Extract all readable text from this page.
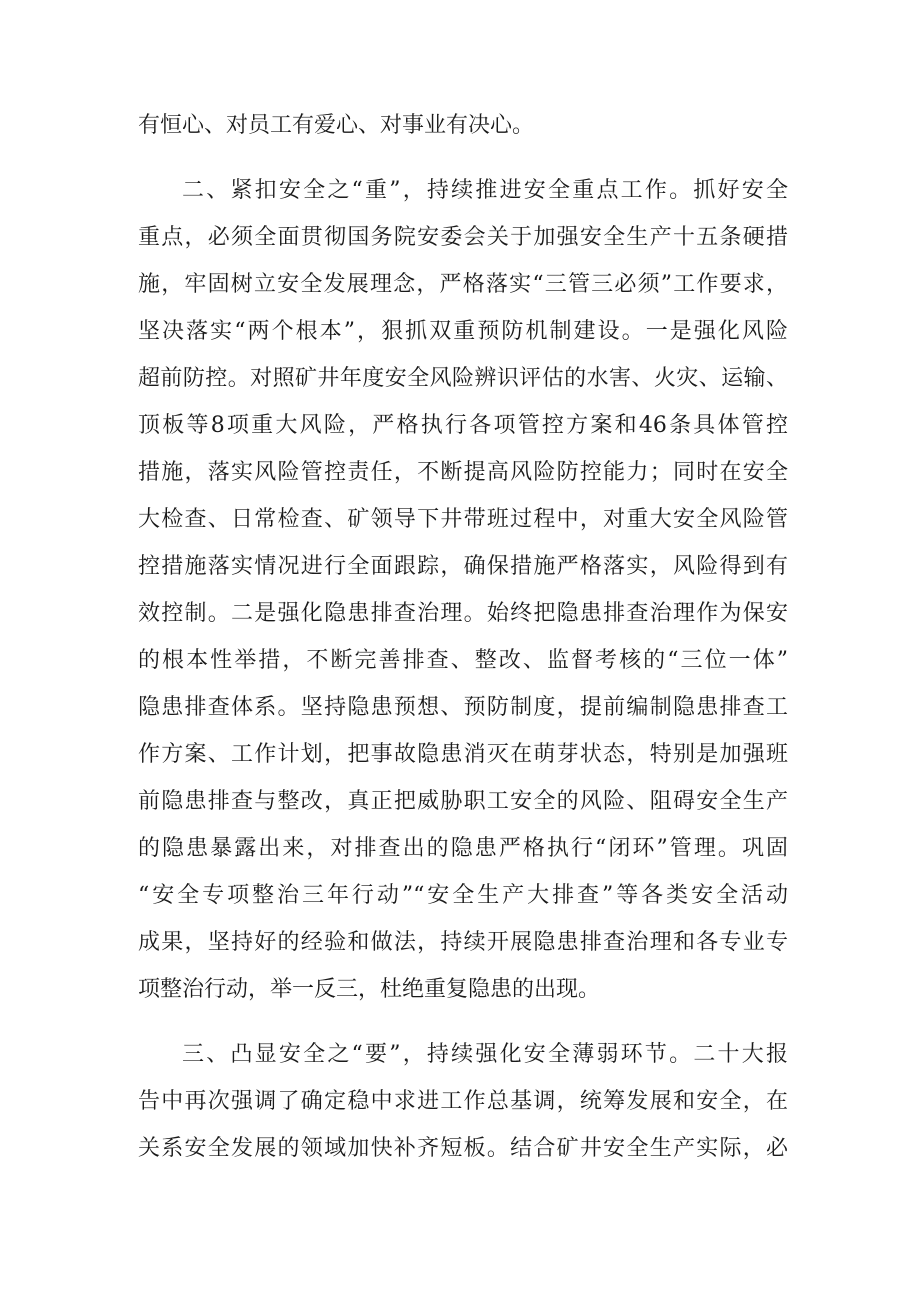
有恒心、对员工有爱心、对事业有决心。
二、紧扣安全之“重”，持续推进安全重点工作。抓好安全
重点，必须全面贯彻国务院安委会关于加强安全生产十五条硬措
施，牢固树立安全发展理念，严格落实“三管三必须”工作要求，
坚决落实“两个根本”，狠抓双重预防机制建设。一是强化风险
超前防控。对照矿井年度安全风险辨识评估的水害、火灾、运输、
顶板等8项重大风险，严格执行各项管控方案和46条具体管控
措施，落实风险管控责任，不断提高风险防控能力；同时在安全
大检查、日常检查、矿领导下井带班过程中，对重大安全风险管
控措施落实情况进行全面跟踪，确保措施严格落实，风险得到有
效控制。二是强化隐患排查治理。始终把隐患排查治理作为保安
的根本性举措，不断完善排查、整改、监督考核的“三位一体”
隐患排查体系。坚持隐患预想、预防制度，提前编制隐患排查工
作方案、工作计划，把事故隐患消灭在萌芽状态，特别是加强班
前隐患排查与整改，真正把威胁职工安全的风险、阻碍安全生产
的隐患暴露出来，对排查出的隐患严格执行“闭环”管理。巩固
“安全专项整治三年行动”“安全生产大排查”等各类安全活动
成果，坚持好的经验和做法，持续开展隐患排查治理和各专业专
项整治行动，举一反三，杜绝重复隐患的出现。
三、凸显安全之“要”，持续强化安全薄弱环节。二十大报
告中再次强调了确定稳中求进工作总基调，统筹发展和安全，在
关系安全发展的领域加快补齐短板。结合矿井安全生产实际，必
